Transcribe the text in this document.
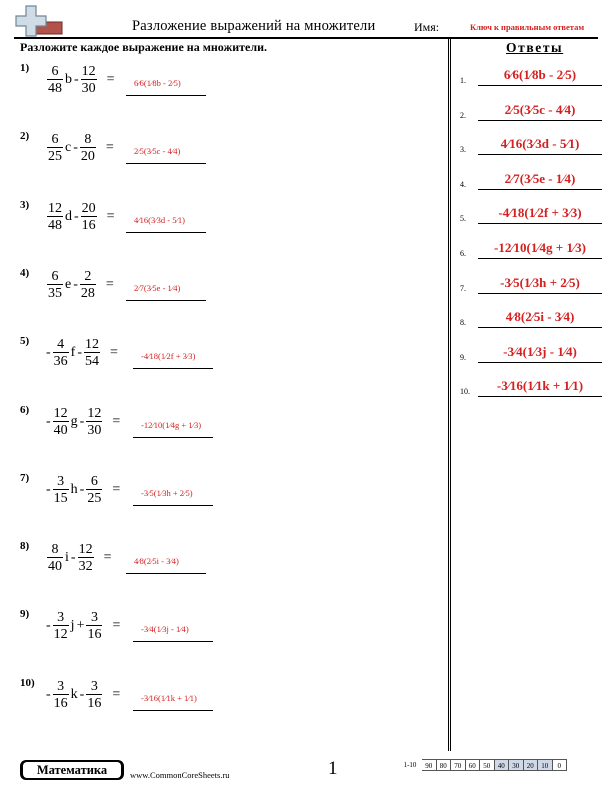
Разложение выражений на множители	Имя:	Ключ к правильным ответам
Разложите каждое выражение на множители.	Ответы
$1) \frac{6}{48}$ b - $\frac{12}{30}$ =	6⁄6(1⁄8b - 2⁄5)
$2) \frac{6}{25}$ c - $\frac{8}{20}$ =	2⁄5(3⁄5c - 4⁄4)
$3) \frac{12}{48}$ d - $\frac{20}{16}$ =	4⁄16(3⁄3d - 5⁄1)
$4) \frac{6}{35}$ e - $\frac{2}{28}$ =	2⁄7(3⁄5e - 1⁄4)
5)
- $\frac{4}{36}$ f - $\frac{12}{54}$ =	-4⁄18(1⁄2f + 3⁄3)
6)
- $\frac{12}{40}$ g - $\frac{12}{30}$ =	-12⁄10(1⁄4g + 1⁄3)
7)
- $\frac{3}{15}$ h - $\frac{6}{25}$ =	-3⁄5(1⁄3h + 2⁄5)
$8) \frac{8}{40}$ i - $\frac{12}{32}$ =	4⁄8(2⁄5i - 3⁄4)
9)
- $\frac{3}{12}$ $j + \frac{3}{16}$ =	-3⁄4(1⁄3j - 1⁄4)
10)
- $\frac{3}{16}$ k - $\frac{3}{16}$ =	-3⁄16(1⁄1k + 1⁄1)
1.	6⁄6(1⁄8b - 2⁄5)
2.	2⁄5(3⁄5c - 4⁄4)
3.	4⁄16(3⁄3d - 5⁄1)
4.	2⁄7(3⁄5e - 1⁄4)
5.	-4⁄18(1⁄2f + 3⁄3)
6.	-12⁄10(1⁄4g + 1⁄3)
7.	-3⁄5(1⁄3h + 2⁄5)
8.	4⁄8(2⁄5i - 3⁄4)
9.	-3⁄4(1⁄3j - 1⁄4)
10.	-3⁄16(1⁄1k + 1⁄1)
Математика	www.CommonCoreSheets.ru	1	1-10	90	80	70	60	50	40	30	20	10	0
